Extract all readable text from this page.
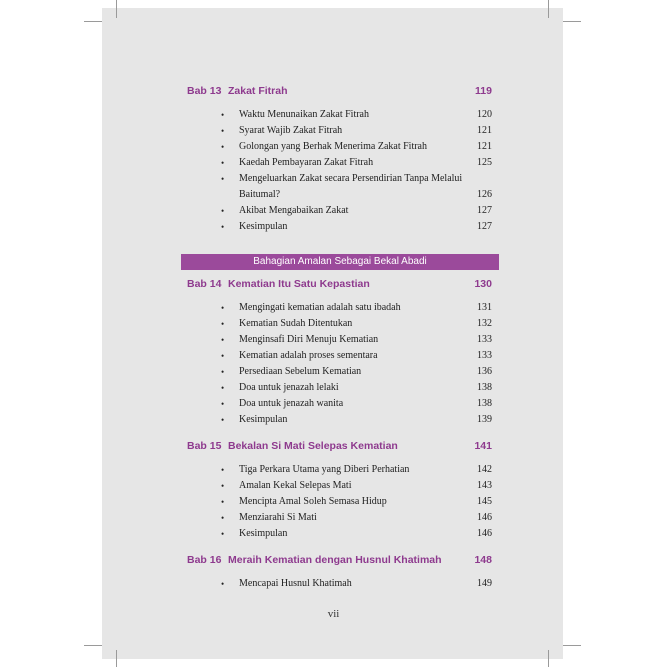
Bab 13 Zakat Fitrah	119
• Waktu Menunaikan Zakat Fitrah	120
• Syarat Wajib Zakat Fitrah	121
• Golongan yang Berhak Menerima Zakat Fitrah	121
• Kaedah Pembayaran Zakat Fitrah	125
• Mengeluarkan Zakat secara Persendirian Tanpa Melalui Baitumal?	126
• Akibat Mengabaikan Zakat	127
• Kesimpulan	127
Bab 14 Kematian Itu Satu Kepastian	130
• Mengingati kematian adalah satu ibadah	131
• Kematian Sudah Ditentukan	132
• Menginsafi Diri Menuju Kematian	133
• Kematian adalah proses sementara	133
• Persediaan Sebelum Kematian	136
• Doa untuk jenazah lelaki	138
• Doa untuk jenazah wanita	138
• Kesimpulan	139
Bab 15 Bekalan Si Mati Selepas Kematian	141
• Tiga Perkara Utama yang Diberi Perhatian	142
• Amalan Kekal Selepas Mati	143
• Mencipta Amal Soleh Semasa Hidup	145
• Menziarahi Si Mati	146
• Kesimpulan	146
Bab 16 Meraih Kematian dengan Husnul Khatimah	148
• Mencapai Husnul Khatimah	149
Bahagian Amalan Sebagai Bekal Abadi
vii
